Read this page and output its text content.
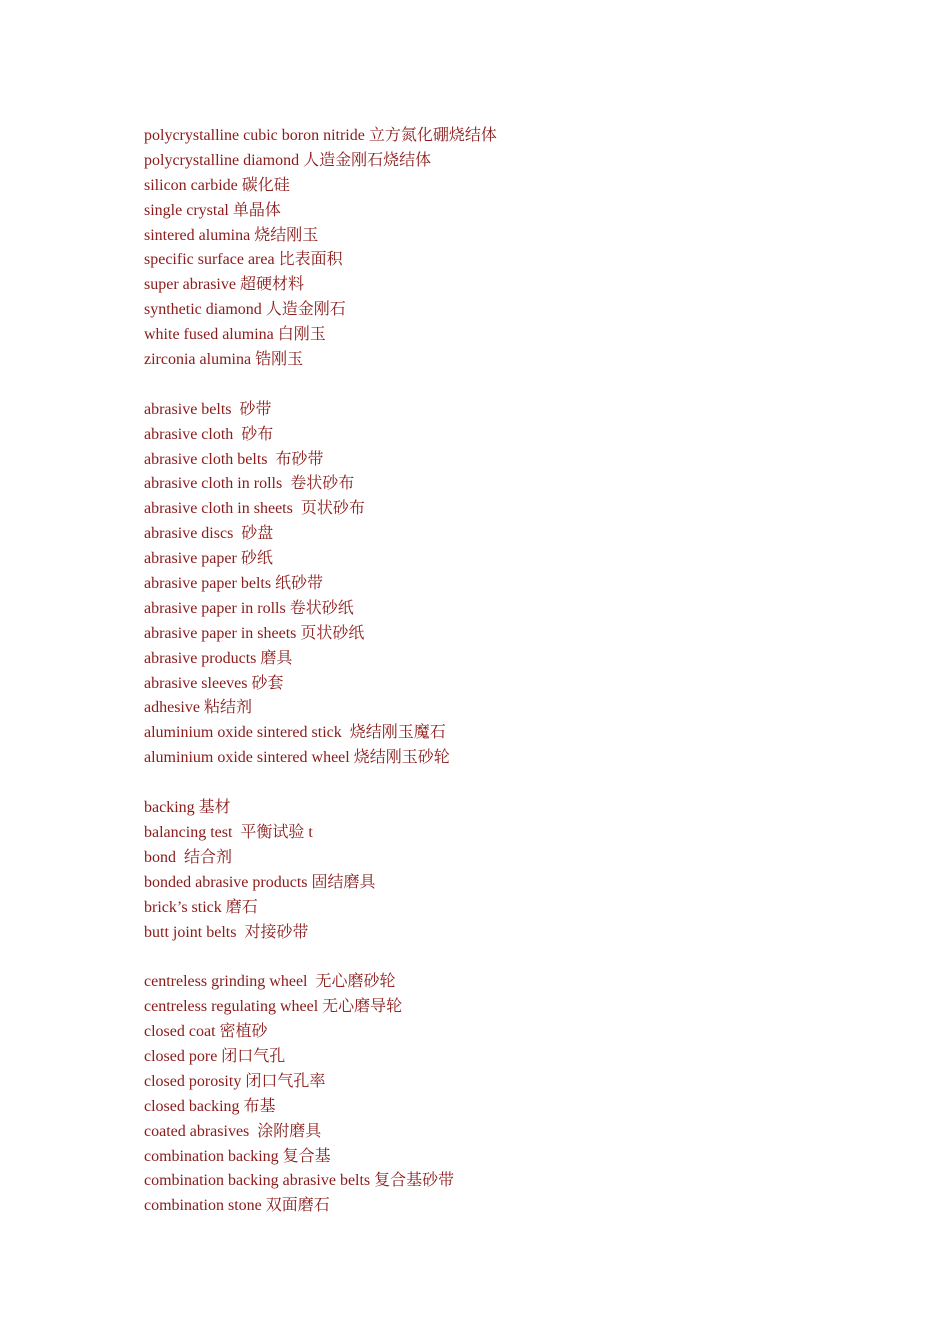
polycrystalline cubic boron nitride 立方氮化硼烧结体

polycrystalline diamond 人造金刚石烧结体

silicon carbide 碳化硅

single crystal 单晶体

sintered alumina 烧结刚玉

specific surface area 比表面积

super abrasive 超硬材料

synthetic diamond 人造金刚石

white fused alumina 白刚玉

zirconia alumina 锆刚玉

abrasive belts  砂带

abrasive cloth  砂布

abrasive cloth belts  布砂带

abrasive cloth in rolls  卷状砂布

abrasive cloth in sheets  页状砂布

abrasive discs  砂盘

abrasive paper 砂纸

abrasive paper belts 纸砂带

abrasive paper in rolls 卷状砂纸

abrasive paper in sheets 页状砂纸

abrasive products 磨具

abrasive sleeves 砂套

adhesive 粘结剂

aluminium oxide sintered stick  烧结刚玉魔石

aluminium oxide sintered wheel 烧结刚玉砂轮

backing 基材

balancing test  平衡试验 t

bond  结合剂

bonded abrasive products 固结磨具

brick’s stick 磨石

butt joint belts  对接砂带

centreless grinding wheel  无心磨砂轮

centreless regulating wheel 无心磨导轮

closed coat 密植砂

closed pore 闭口气孔

closed porosity 闭口气孔率

closed backing 布基

coated abrasives  涂附磨具

combination backing 复合基

combination backing abrasive belts 复合基砂带

combination stone 双面磨石
